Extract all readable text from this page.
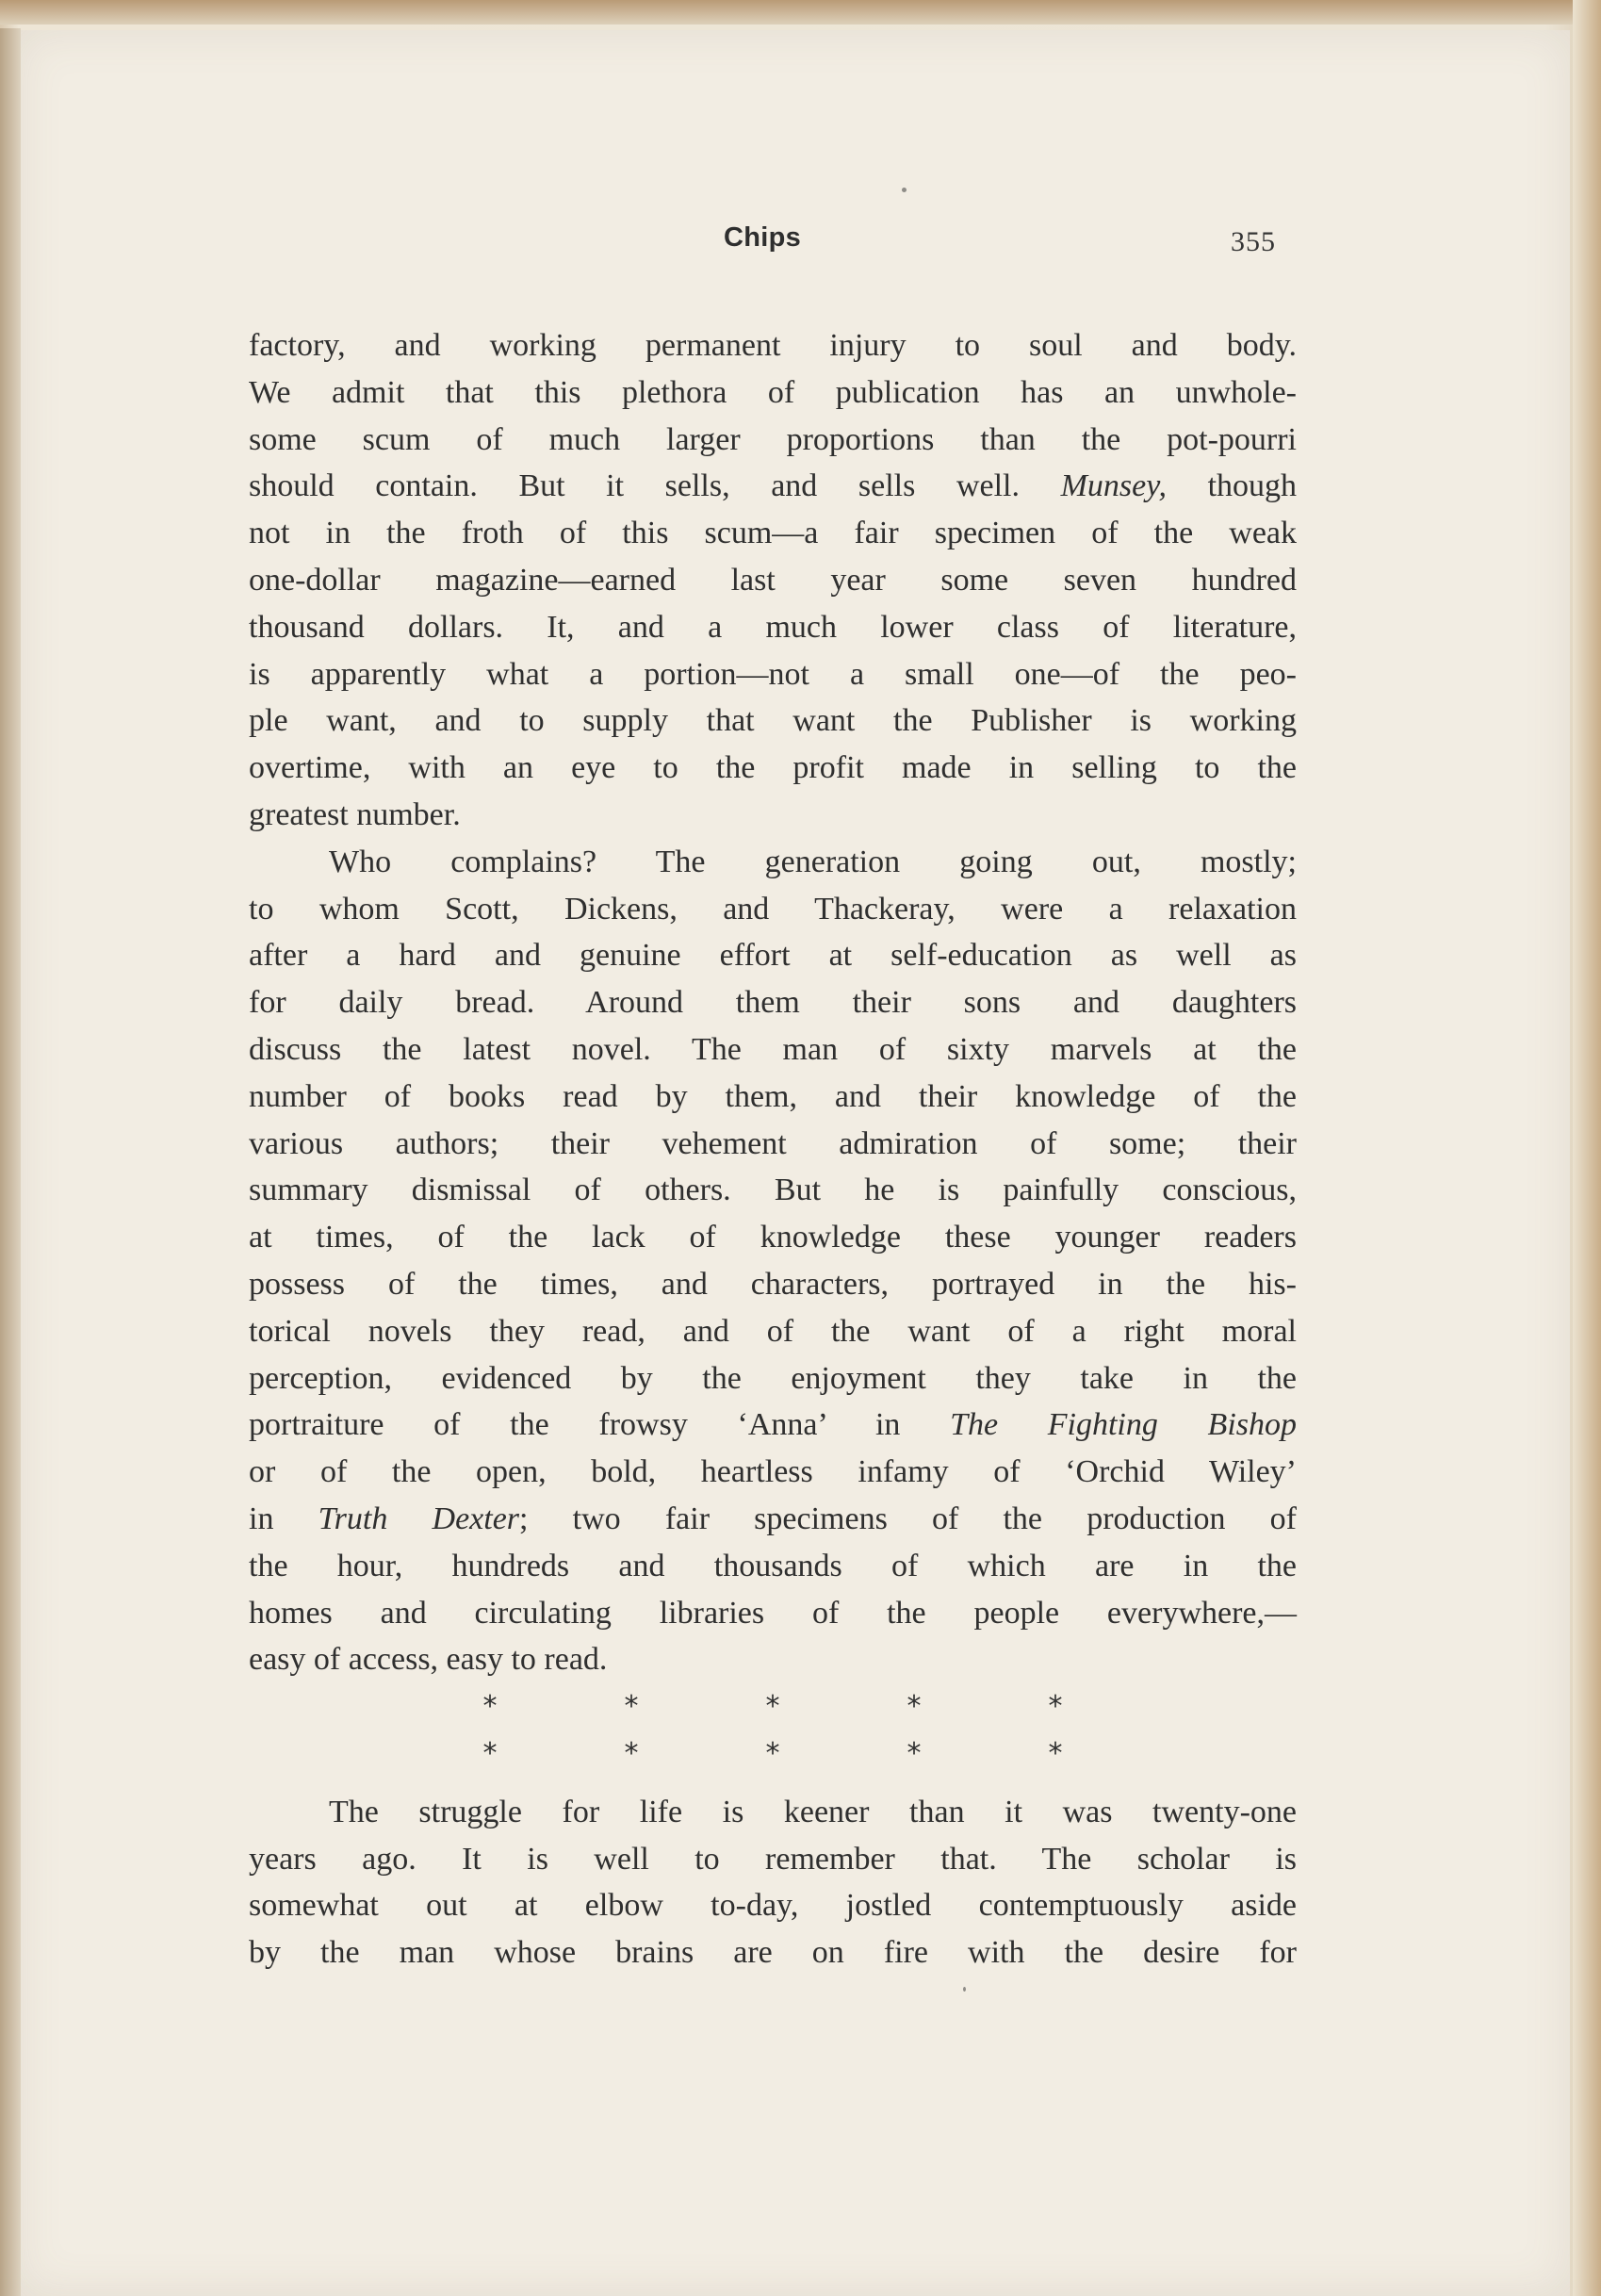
Chips	355
factory, and working permanent injury to soul and body.
We admit that this plethora of publication has an unwhole-
some scum of much larger proportions than the pot-pourri
should contain. But it sells, and sells well. Munsey, though
not in the froth of this scum—a fair specimen of the weak
one-dollar magazine—earned last year some seven hundred
thousand dollars. It, and a much lower class of literature,
is apparently what a portion—not a small one—of the peo-
ple want, and to supply that want the Publisher is working
overtime, with an eye to the profit made in selling to the
greatest number.
Who complains? The generation going out, mostly;
to whom Scott, Dickens, and Thackeray, were a relaxation
after a hard and genuine effort at self-education as well as
for daily bread. Around them their sons and daughters
discuss the latest novel. The man of sixty marvels at the
number of books read by them, and their knowledge of the
various authors; their vehement admiration of some; their
summary dismissal of others. But he is painfully conscious,
at times, of the lack of knowledge these younger readers
possess of the times, and characters, portrayed in the his-
torical novels they read, and of the want of a right moral
perception, evidenced by the enjoyment they take in the
portraiture of the frowsy ‘Anna’ in The Fighting Bishop
or of the open, bold, heartless infamy of ‘Orchid Wiley’
in Truth Dexter; two fair specimens of the production of
the hour, hundreds and thousands of which are in the
homes and circulating libraries of the people everywhere,—
easy of access, easy to read.
*	*	*	*	*
*	*	*	*	*
The struggle for life is keener than it was twenty-one
years ago. It is well to remember that. The scholar is
somewhat out at elbow to-day, jostled contemptuously aside
by the man whose brains are on fire with the desire for
